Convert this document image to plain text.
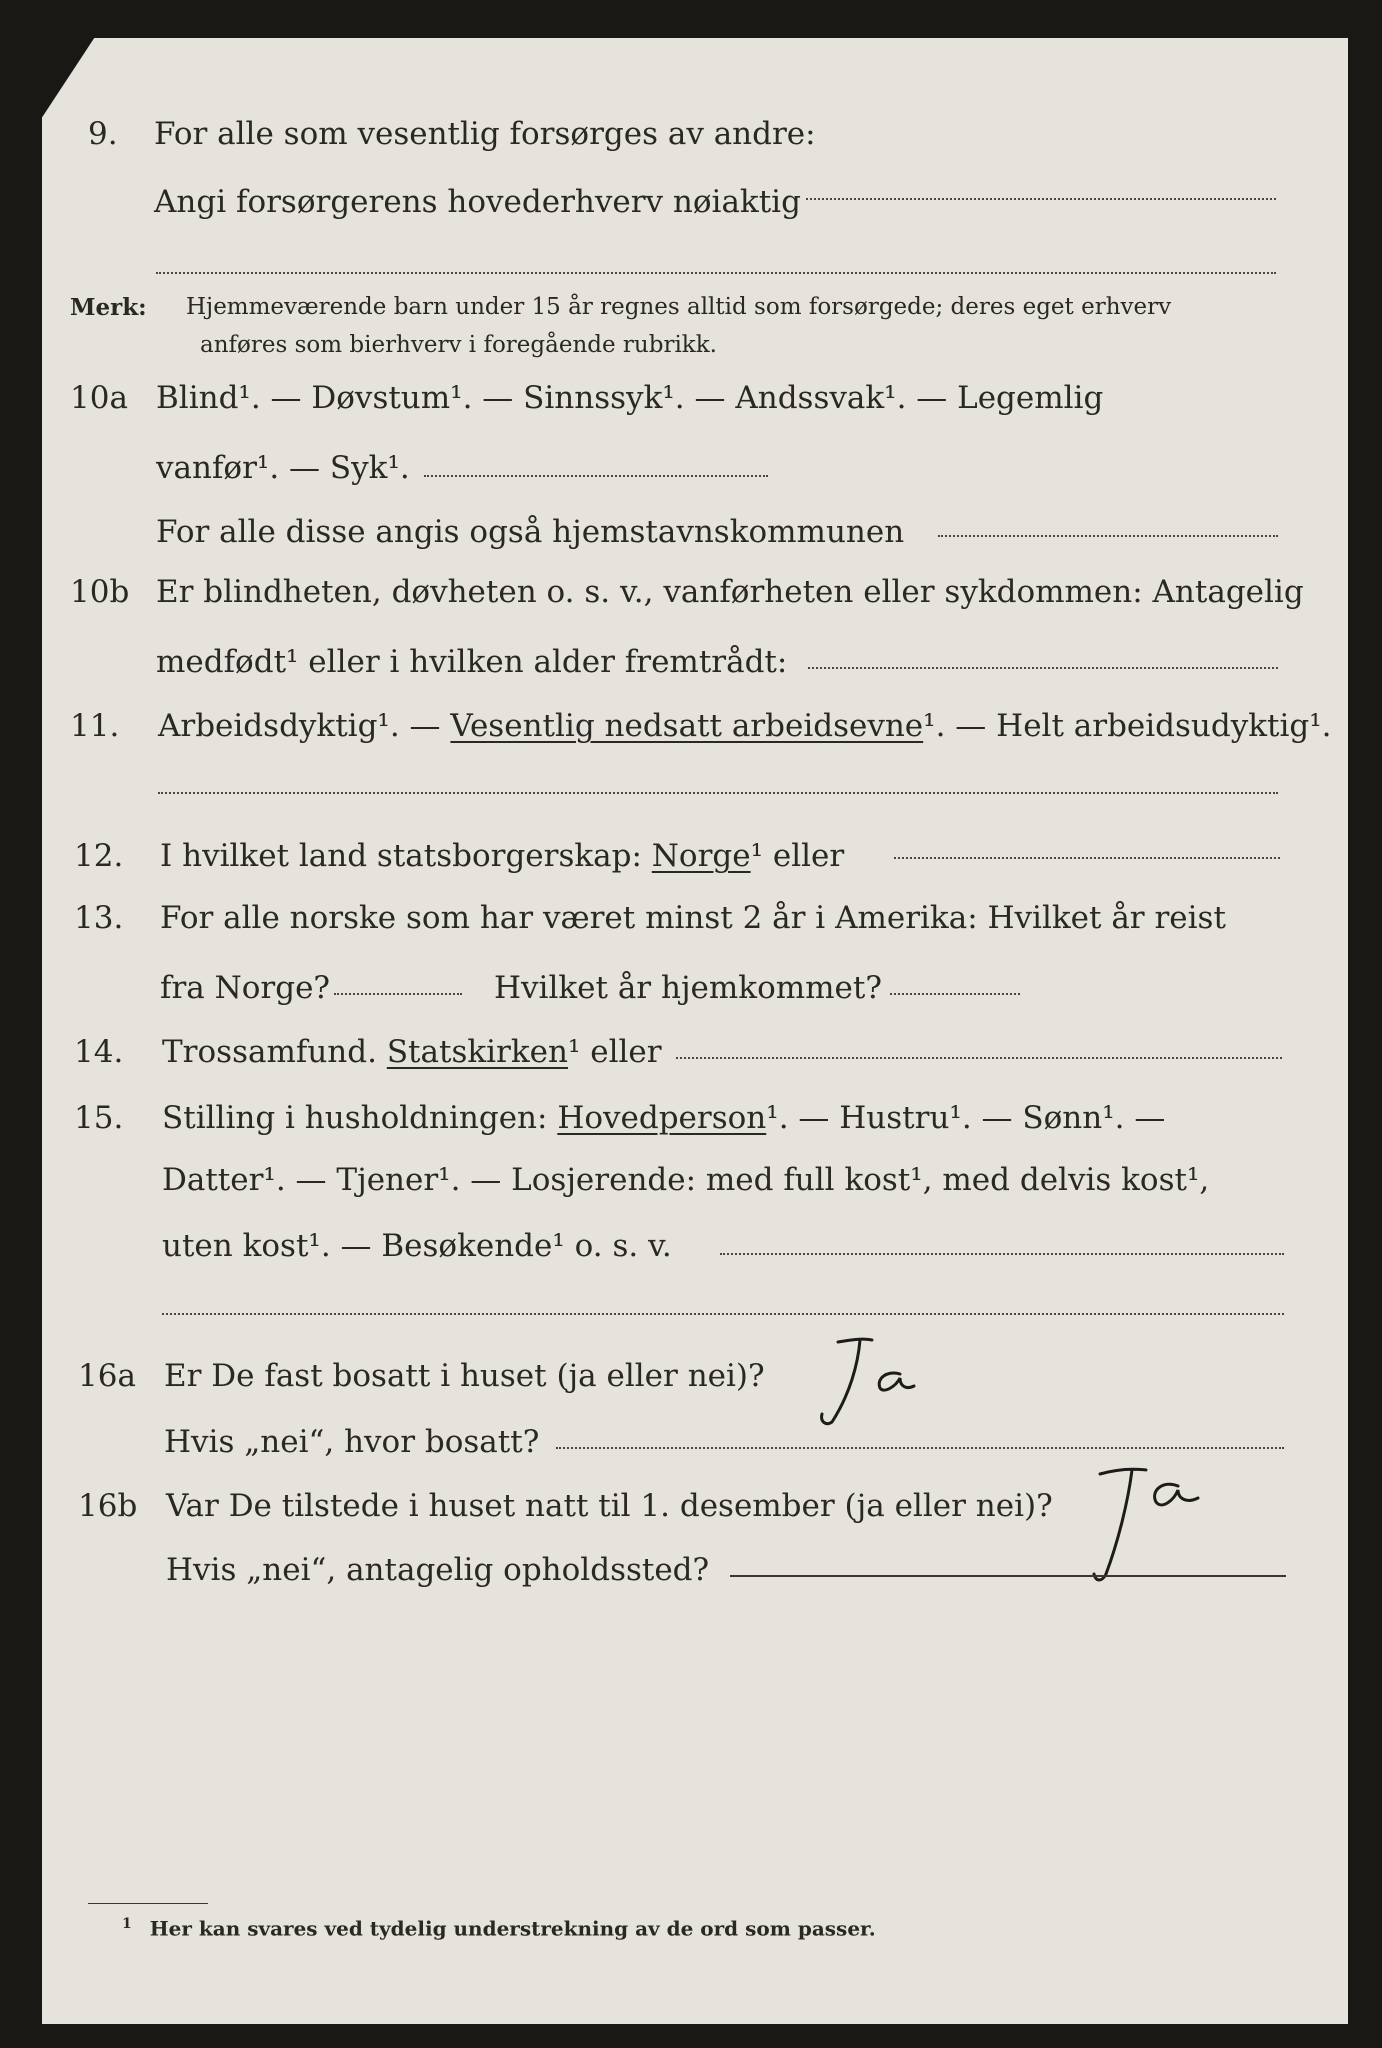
9. For alle som vesentlig forsørges av andre:
Angi forsørgerens hovederhverv nøiaktig
Merk: Hjemmeværende barn under 15 år regnes alltid som forsørgede; deres eget erhverv
anføres som bierhverv i foregående rubrikk.
10a Blind¹. — Døvstum¹. — Sinnssyk¹. — Andssvak¹. — Legemlig
vanfør¹. — Syk¹.
For alle disse angis også hjemstavnskommunen
10b Er blindheten, døvheten o. s. v., vanførheten eller sykdommen: Antagelig
medfødt¹ eller i hvilken alder fremtrådt:
11. Arbeidsdyktig¹. — Vesentlig nedsatt arbeidsevne¹. — Helt arbeidsudyktig¹.
12. I hvilket land statsborgerskap: Norge¹ eller
13. For alle norske som har været minst 2 år i Amerika: Hvilket år reist
fra Norge?	Hvilket år hjemkommet?
14. Trossamfund. Statskirken¹ eller
15. Stilling i husholdningen: Hovedperson¹. — Hustru¹. — Sønn¹. —
Datter¹. — Tjener¹. — Losjerende: med full kost¹, med delvis kost¹,
uten kost¹. — Besøkende¹ o. s. v.
16a Er De fast bosatt i huset (ja eller nei)?
Hvis „nei“, hvor bosatt?
16b Var De tilstede i huset natt til 1. desember (ja eller nei)?
Hvis „nei“, antagelig opholdssted?
$^1$ Her kan svares ved tydelig understrekning av de ord som passer.
